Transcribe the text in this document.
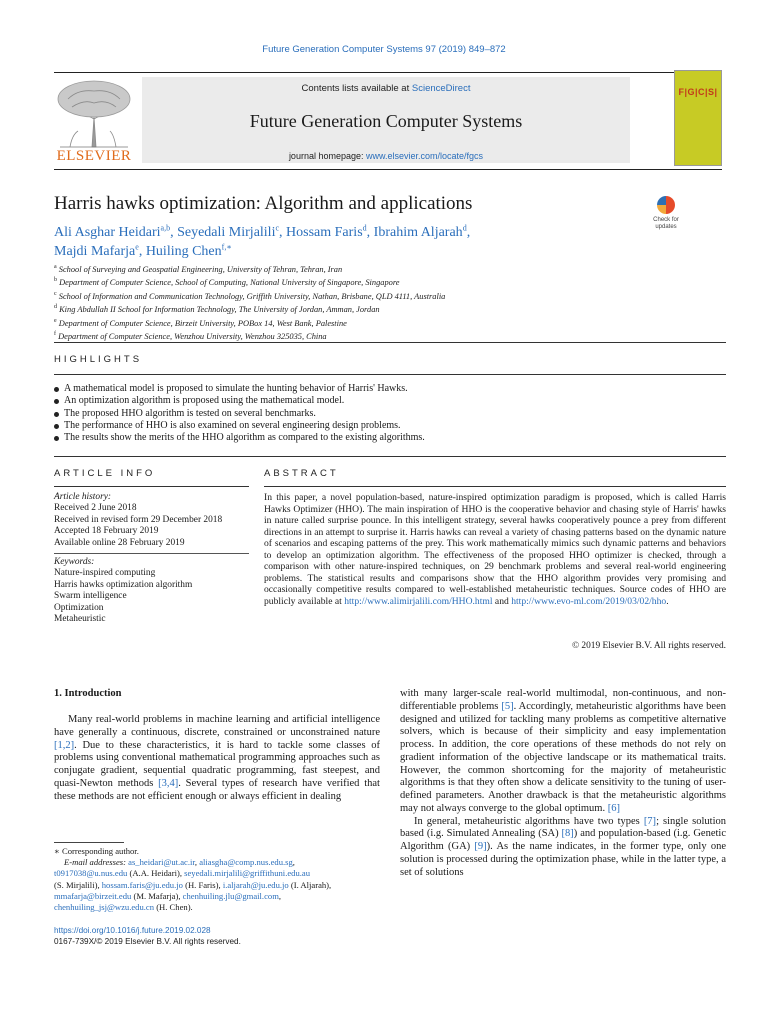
Future Generation Computer Systems 97 (2019) 849–872
ELSEVIER
Contents lists available at ScienceDirect
Future Generation Computer Systems
journal homepage: www.elsevier.com/locate/fgcs
F|G|C|S|
Harris hawks optimization: Algorithm and applications
Check for
updates
Ali Asghar Heidari$^{a,b}$, Seyedali Mirjalili$^c$, Hossam Faris$^d$, Ibrahim Aljarah$^d$,
Majdi Mafarja$^e$, Huiling Chen$^{f,∗}$
$^a$ School of Surveying and Geospatial Engineering, University of Tehran, Tehran, Iran
$^b$ Department of Computer Science, School of Computing, National University of Singapore, Singapore
$^c$ School of Information and Communication Technology, Griffith University, Nathan, Brisbane, QLD 4111, Australia
$^d$ King Abdullah II School for Information Technology, The University of Jordan, Amman, Jordan
$^e$ Department of Computer Science, Birzeit University, POBox 14, West Bank, Palestine
$^f$ Department of Computer Science, Wenzhou University, Wenzhou 325035, China
HIGHLIGHTS
A mathematical model is proposed to simulate the hunting behavior of Harris' Hawks.
An optimization algorithm is proposed using the mathematical model.
The proposed HHO algorithm is tested on several benchmarks.
The performance of HHO is also examined on several engineering design problems.
The results show the merits of the HHO algorithm as compared to the existing algorithms.
ARTICLE INFO	ABSTRACT
Article history:
Received 2 June 2018
Received in revised form 29 December 2018
Accepted 18 February 2019
Available online 28 February 2019
Keywords:
Nature-inspired computing
Harris hawks optimization algorithm
Swarm intelligence
Optimization
Metaheuristic
In this paper, a novel population-based, nature-inspired optimization paradigm is proposed, which is called Harris Hawks Optimizer (HHO). The main inspiration of HHO is the cooperative behavior and chasing style of Harris' hawks in nature called surprise pounce. In this intelligent strategy, several hawks cooperatively pounce a prey from different directions in an attempt to surprise it. Harris hawks can reveal a variety of chasing patterns based on the dynamic nature of scenarios and escaping patterns of the prey. This work mathematically mimics such dynamic patterns and behaviors to develop an optimization algorithm. The effectiveness of the proposed HHO optimizer is checked, through a comparison with other nature-inspired techniques, on 29 benchmark problems and several real-world engineering problems. The statistical results and comparisons show that the HHO algorithm provides very promising and occasionally competitive results compared to well-established metaheuristic techniques. Source codes of HHO are publicly available at http://www.alimirjalili.com/HHO.html and http://www.evo-ml.com/2019/03/02/hho.
© 2019 Elsevier B.V. All rights reserved.
1. Introduction

Many real-world problems in machine learning and artificial intelligence have generally a continuous, discrete, constrained or unconstrained nature [1,2]. Due to these characteristics, it is hard to tackle some classes of problems using conventional mathematical programming approaches such as conjugate gradient, sequential quadratic programming, fast steepest, and quasi-Newton methods [3,4]. Several types of research have verified that these methods are not efficient enough or always efficient in dealing

with many larger-scale real-world multimodal, non-continuous, and non-differentiable problems [5]. Accordingly, metaheuristic algorithms have been designed and utilized for tackling many problems as competitive alternative solvers, which is because of their simplicity and easy implementation process. In addition, the core operations of these methods do not rely on gradient information of the objective landscape or its mathematical traits. However, the common shortcoming for the majority of metaheuristic algorithms is that they often show a delicate sensitivity to the tuning of user-defined parameters. Another drawback is that the metaheuristic algorithms may not always converge to the global optimum. [6]

In general, metaheuristic algorithms have two types [7]; single solution based (i.g. Simulated Annealing (SA) [8]) and population-based (i.g. Genetic Algorithm (GA) [9]). As the name indicates, in the former type, only one solution is processed during the optimization phase, while in the latter type, a set of solutions

∗ Corresponding author.
E-mail addresses: as_heidari@ut.ac.ir, aliasgha@comp.nus.edu.sg,
t0917038@u.nus.edu (A.A. Heidari), seyedali.mirjalili@griffithuni.edu.au
(S. Mirjalili), hossam.faris@ju.edu.jo (H. Faris), i.aljarah@ju.edu.jo (I. Aljarah),
mmafarja@birzeit.edu (M. Mafarja), chenhuiling.jlu@gmail.com,
chenhuiling_jsj@wzu.edu.cn (H. Chen).
https://doi.org/10.1016/j.future.2019.02.028
0167-739X/© 2019 Elsevier B.V. All rights reserved.
